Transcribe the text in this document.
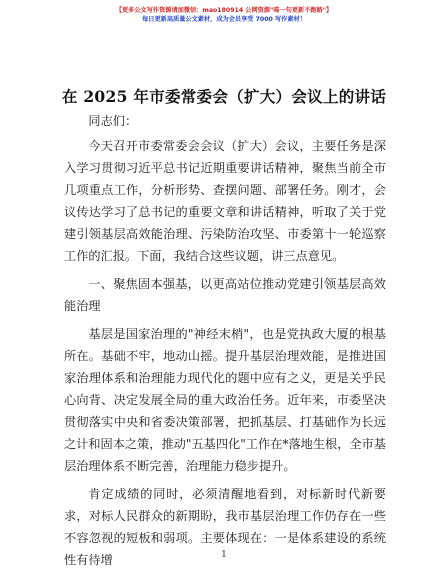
【更多公文写作资源请加微信：mao180914 公网资源"喵一句更新不跑路"】
每日更新高质量公文素材，成为会员享受 7000 写作素材！
在 2025 年市委常委会（扩大）会议上的讲话

同志们：

今天召开市委常委会会议（扩大）会议，主要任务是深入学习贯彻习近平总书记近期重要讲话精神，聚焦当前全市几项重点工作，分析形势、查摆问题、部署任务。刚才，会议传达学习了总书记的重要文章和讲话精神，听取了关于党建引领基层高效能治理、污染防治攻坚、市委第十一轮巡察工作的汇报。下面，我结合这些议题，讲三点意见。

一、聚焦固本强基，以更高站位推动党建引领基层高效能治理

基层是国家治理的"神经末梢"，也是党执政大厦的根基所在。基础不牢，地动山摇。提升基层治理效能，是推进国家治理体系和治理能力现代化的题中应有之义，更是关乎民心向背、决定发展全局的重大政治任务。近年来，市委坚决贯彻落实中央和省委决策部署，把抓基层、打基础作为长远之计和固本之策，推动"五基四化"工作在*落地生根，全市基层治理体系不断完善，治理能力稳步提升。

肯定成绩的同时，必须清醒地看到，对标新时代新要求，对标人民群众的新期盼，我市基层治理工作仍存在一些不容忽视的短板和弱项。主要体现在：一是体系建设的系统性有待增	1
